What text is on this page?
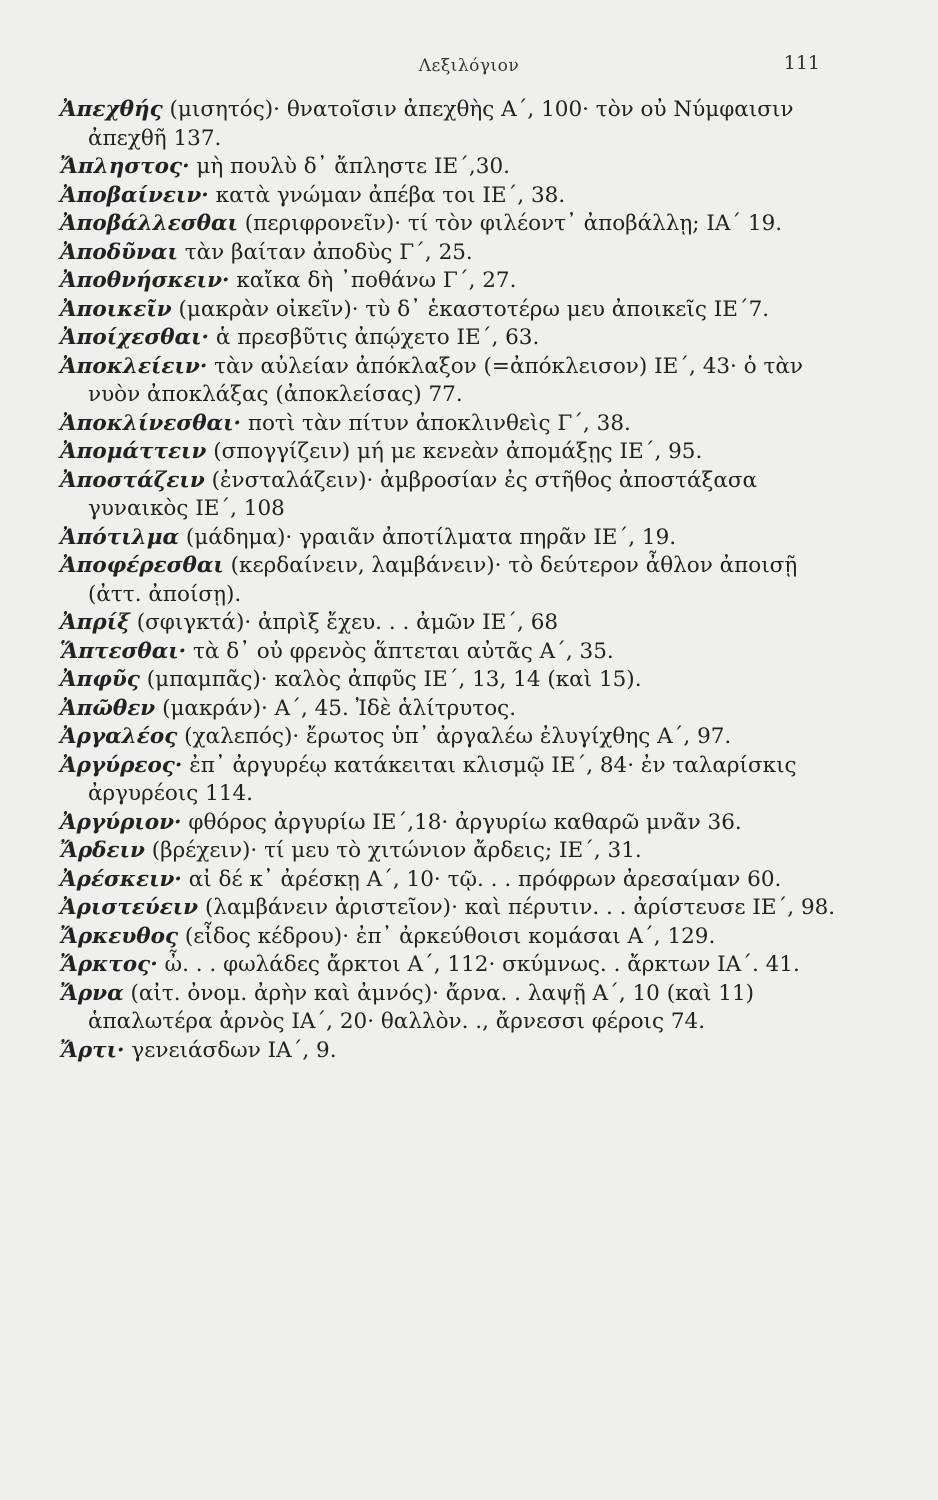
Λεξιλόγιον	111

Ἀπεχθής (μισητός)· θνατοῖσιν ἀπεχθὴς Α΄, 100· τὸν οὐ Νύμφαισιν ἀπεχθῆ 137.

Ἄπληστος· μὴ πουλὺ δ᾽ ἄπληστε ΙΕ΄,30.

Ἀποβαίνειν· κατὰ γνώμαν ἀπέβα τοι ΙΕ΄, 38.

Ἀποβάλλεσθαι (περιφρονεῖν)· τί τὸν φιλέοντ᾽ ἀποβάλλῃ; ΙΑ΄ 19.

Ἀποδῦναι τὰν βαίταν ἀποδὺς Γ΄, 25.

Ἀποθνήσκειν· καἴκα δὴ ᾽ποθάνω Γ΄, 27.

Ἀποικεῖν (μακρὰν οἰκεῖν)· τὺ δ᾽ ἑκαστοτέρω μευ ἀποικεῖς ΙΕ΄7.

Ἀποίχεσθαι· ἁ πρεσβῦτις ἀπῴχετο ΙΕ΄, 63.

Ἀποκλείειν· τὰν αὐλείαν ἀπόκλαξον (=ἀπόκλεισον) ΙΕ΄, 43· ὁ τὰν νυὸν ἀποκλάξας (ἀποκλείσας) 77.

Ἀποκλίνεσθαι· ποτὶ τὰν πίτυν ἀποκλινθεὶς Γ΄, 38.

Ἀπομάττειν (σπογγίζειν) μή με κενεὰν ἀπομάξῃς ΙΕ΄, 95.

Ἀποστάζειν (ἐνσταλάζειν)· ἀμβροσίαν ἐς στῆθος ἀποστάξασα γυναικὸς ΙΕ΄, 108

Ἀπότιλμα (μάδημα)· γραιᾶν ἀποτίλματα πηρᾶν ΙΕ΄, 19.

Ἀποφέρεσθαι (κερδαίνειν, λαμβάνειν)· τὸ δεύτερον ἆθλον ἀποισῇ (ἀττ. ἀποίσῃ).

Ἀπρίξ (σφιγκτά)· ἀπρὶξ ἔχευ. . . ἀμῶν ΙΕ΄, 68

Ἅπτεσθαι· τὰ δ᾽ οὐ φρενὸς ἅπτεται αὐτᾶς Α΄, 35.

Ἀπφῦς (μπαμπᾶς)· καλὸς ἀπφῦς ΙΕ΄, 13, 14 (καὶ 15).

Ἀπῶθεν (μακράν)· Α΄, 45. Ἰδὲ ἁλίτρυτος.

Ἀργαλέος (χαλεπός)· ἔρωτος ὑπ᾽ ἀργαλέω ἐλυγίχθης Α΄, 97.

Ἀργύρεος· ἐπ᾽ ἀργυρέῳ κατάκειται κλισμῷ ΙΕ΄, 84· ἐν ταλαρίσκις ἀργυρέοις 114.

Ἀργύριον· φθόρος ἀργυρίω ΙΕ΄,18· ἀργυρίω καθαρῶ μνᾶν 36.

Ἄρδειν (βρέχειν)· τί μευ τὸ χιτώνιον ἄρδεις; ΙΕ΄, 31.

Ἀρέσκειν· αἰ δέ κ᾽ ἀρέσκῃ Α΄, 10· τῷ. . . πρόφρων ἀρεσαίμαν 60.

Ἀριστεύειν (λαμβάνειν ἀριστεῖον)· καὶ πέρυτιν. . . ἀρίστευσε ΙΕ΄, 98.

Ἄρκευθος (εἶδος κέδρου)· ἐπ᾽ ἀρκεύθοισι κομάσαι Α΄, 129.

Ἄρκτος· ὦ. . . φωλάδες ἄρκτοι Α΄, 112· σκύμνως. . ἄρκτων ΙΑ΄. 41.

Ἄρνα (αἰτ. ὀνομ. ἀρὴν καὶ ἀμνός)· ἄρνα. . λαψῇ Α΄, 10 (καὶ 11) ἁπαλωτέρα ἀρνὸς ΙΑ΄, 20· θαλλὸν. ., ἄρνεσσι φέροις 74.

Ἄρτι· γενειάσδων ΙΑ΄, 9.
